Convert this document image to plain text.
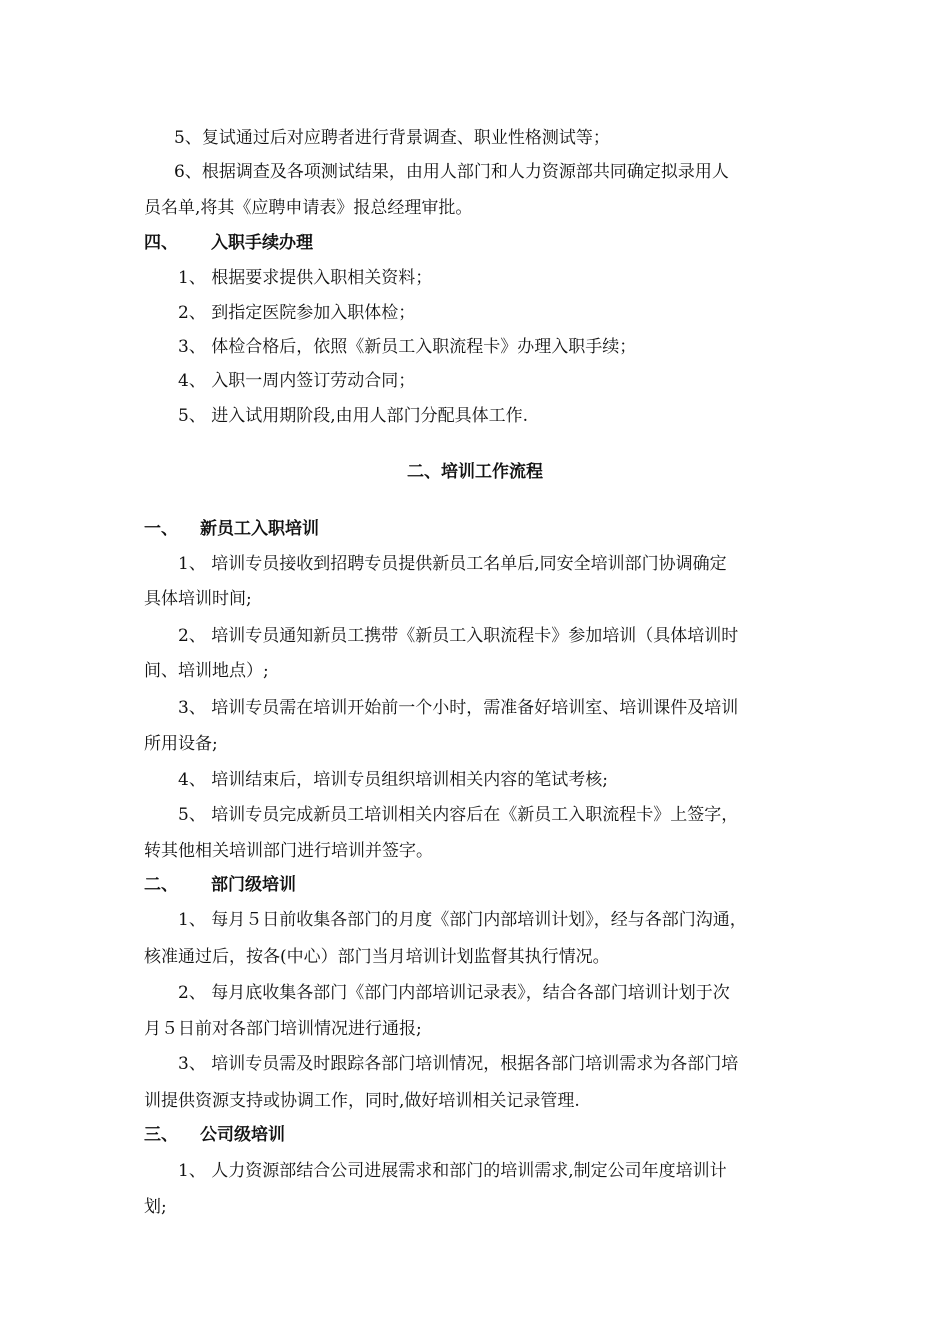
5、复试通过后对应聘者进行背景调查、职业性格测试等；
6、根据调查及各项测试结果，由用人部门和人力资源部共同确定拟录用人
员名单,将其《应聘申请表》报总经理审批。
四、 入职手续办理
1、 根据要求提供入职相关资料；
2、 到指定医院参加入职体检；
3、 体检合格后，依照《新员工入职流程卡》办理入职手续；
4、 入职一周内签订劳动合同；
5、 进入试用期阶段,由用人部门分配具体工作.
二、培训工作流程
一、 新员工入职培训
1、 培训专员接收到招聘专员提供新员工名单后,同安全培训部门协调确定
具体培训时间;
2、 培训专员通知新员工携带《新员工入职流程卡》参加培训（具体培训时
间、培训地点）;
3、 培训专员需在培训开始前一个小时，需准备好培训室、培训课件及培训
所用设备;
4、 培训结束后，培训专员组织培训相关内容的笔试考核;
5、 培训专员完成新员工培训相关内容后在《新员工入职流程卡》上签字，
转其他相关培训部门进行培训并签字。
二、 部门级培训
1、 每月５日前收集各部门的月度《部门内部培训计划》，经与各部门沟通，
核准通过后，按各(中心）部门当月培训计划监督其执行情况。
2、 每月底收集各部门《部门内部培训记录表》，结合各部门培训计划于次
月５日前对各部门培训情况进行通报;
3、 培训专员需及时跟踪各部门培训情况，根据各部门培训需求为各部门培
训提供资源支持或协调工作，同时,做好培训相关记录管理.
三、 公司级培训
1、 人力资源部结合公司进展需求和部门的培训需求,制定公司年度培训计
划;
